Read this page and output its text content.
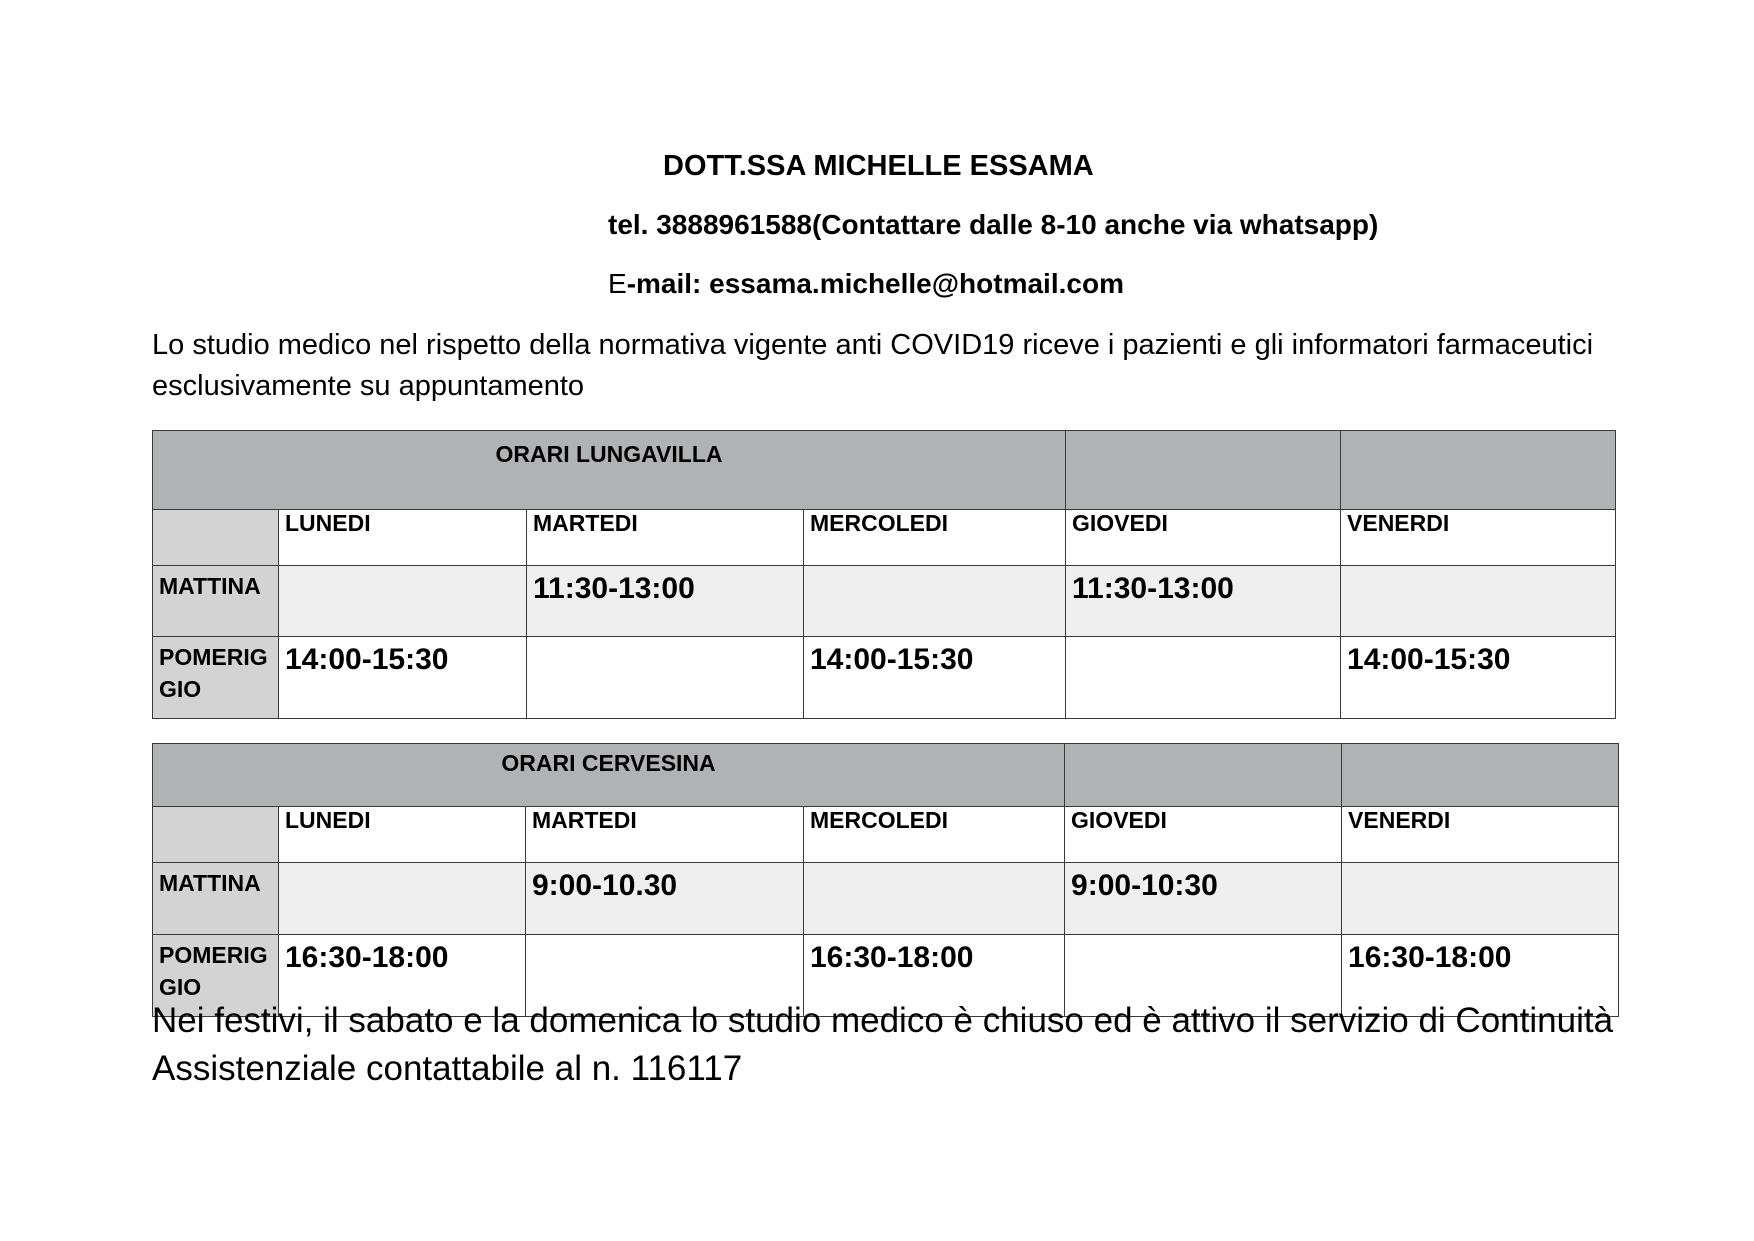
DOTT.SSA MICHELLE ESSAMA
tel. 3888961588(Contattare dalle 8-10 anche via whatsapp)
E-mail: essama.michelle@hotmail.com
Lo studio medico nel rispetto della normativa vigente anti COVID19 riceve i pazienti e gli informatori farmaceutici esclusivamente su appuntamento
ORARI LUNGAVILLA					
	LUNEDI	MARTEDI	MERCOLEDI	GIOVEDI	VENERDI
MATTINA		11:30-13:00		11:30-13:00	
POMERIGGIO	14:00-15:30		14:00-15:30		14:00-15:30
ORARI CERVESINA					
	LUNEDI	MARTEDI	MERCOLEDI	GIOVEDI	VENERDI
MATTINA		9:00-10.30		9:00-10:30	
POMERIGGIO	16:30-18:00		16:30-18:00		16:30-18:00
Nei festivi, il sabato e la domenica lo studio medico è chiuso ed è attivo il servizio di Continuità Assistenziale contattabile al n. 116117
